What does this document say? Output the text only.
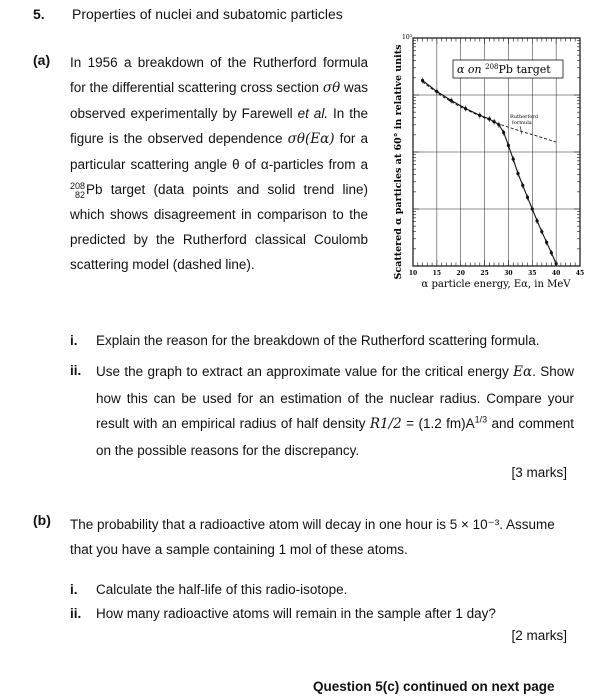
5. Properties of nuclei and subatomic particles
(a) In 1956 a breakdown of the Rutherford formula for the differential scattering cross section σθ was observed experimentally by Farewell et al. In the figure is the observed dependence σθ(Eα) for a particular scattering angle θ of α-particles from a 208
82Pb target (data points and solid trend line) which shows disagreement in comparison to the predicted by the Rutherford classical Coulomb scattering model (dashed line).	Scattered α particles at 60° in relative units
10³
α on $^{208}$Pb target
Rutherford
formula
10	15	20	25	30	35	40	45
α particle energy, Eα, in MeV
i. Explain the reason for the breakdown of the Rutherford scattering formula.
ii. Use the graph to extract an approximate value for the critical energy Eα. Show how this can be used for an estimation of the nuclear radius. Compare your result with an empirical radius of half density R1/2 = (1.2 $fm)A^{1/3}$ and comment on the possible reasons for the discrepancy.
[3 marks]
(b) The probability that a radioactive atom will decay in one hour is 5 × 10⁻³. Assume that you have a sample containing 1 mol of these atoms.
i. Calculate the half-life of this radio-isotope.
ii. How many radioactive atoms will remain in the sample after 1 day?
[2 marks]
Question 5(c) continued on next page
